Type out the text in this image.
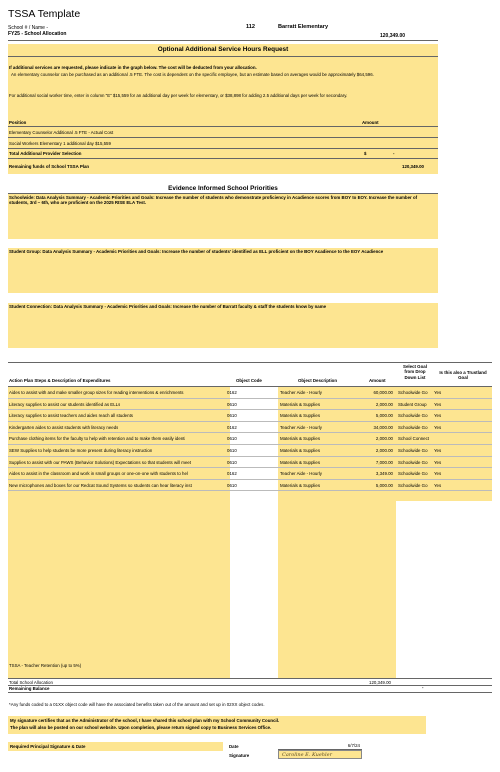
TSSA Template
School # / Name -
FY25 - School Allocation
112	Barratt Elementary
120,349.00
Optional Additional Service Hours Request
If additional services are requested, please indicate in the graph below. The cost will be deducted from your allocation.
An elementary counselor can be purchased as an additional .5 FTE. The cost is dependent on the specific employee, but an estimate based on averages would be approximately $64,596.
For additional social worker time, enter in column "E" $15,559 for an additional day per week for elementary, or $38,898 for adding 2.5 additional days per week for secondary.
Position	Amount
Elementary Counselor Additional .5 FTE - Actual Cost
Social Workers Elementary 1 additional day $15,559
Total Additional Provider Selection	$	-
Remaining funds of School TSSA Plan	120,349.00
Evidence Informed School Priorities
Schoolwide: Data Analysis Summary - Academic Priorities and Goals: Increase the number of students who demonstrate proficiency in Acadience scores from BOY to EOY. Increase the number of students, 3rd – 6th, who are proficient on the 2025 RISE ELA Test.
Student Group: Data Analysis Summary - Academic Priorities and Goals: Increase the number of students' identified as ELL proficient on the BOY Acadience to the EOY Acadience
Student Connection: Data Analysis Summary - Academic Priorities and Goals: Increase the number of Barratt faculty & staff the students know by name
Action Plan Steps & Description of Expenditures	Object Code	Object Description	Amount
Select Goal from Drop Down List
Is this also a Trustland Goal
Aides to assist with and make smaller group sizes for reading interventions & enrichments	0162	Teacher Aide - Hourly	60,000.00 Schoolwide Go Yes
Literacy supplies to assist our students identified as ELLs	0610	Materials & Supplies	2,000.00 Student Group Yes
Literacy supplies to assist teachers and aides reach all students	0610	Materials & Supplies	5,000.00 Schoolwide Go Yes
Kindergarten aides to assist students with literacy needs	0162	Teacher Aide - Hourly	34,000.00 Schoolwide Go Yes
Purchase clothing items for the faculty to help with retention and to make them easily identi	0610	Materials & Supplies	2,000.00 School Connect
SEW Supplies to help students be more present during literacy instruction	0610	Materials & Supplies	2,000.00 Schoolwide Go Yes
Supplies to assist with our PAWS (Behavior Solutions) Expectations so that students will meet	0610	Materials & Supplies	7,000.00 Schoolwide Go Yes
Aides to assist in the classroom and work in small groups or one-on-one with students to hel	0162	Teacher Aide - Hourly	3,349.00 Schoolwide Go Yes
New microphones and boxes for our Redcat Sound Systems so students can hear literacy inst	0610	Materials & Supplies	5,000.00 Schoolwide Go Yes
TSSA - Teacher Retention (up to 5%)
Total School Allocation	120,349.00
Remaining Balance	-
*Any funds coded to a 01XX object code will have the associated benefits taken out of the amount and set up in 02XX object codes.
My signature certifies that as the Administrator of the school, I have shared this school plan with my School Community Council.
The plan will also be posted on our school website. Upon completion, please return signed copy to Business Services Office.
Required Principal Signature & Date	Date	6/7/24
Signature	Caroline E. Kuehler
